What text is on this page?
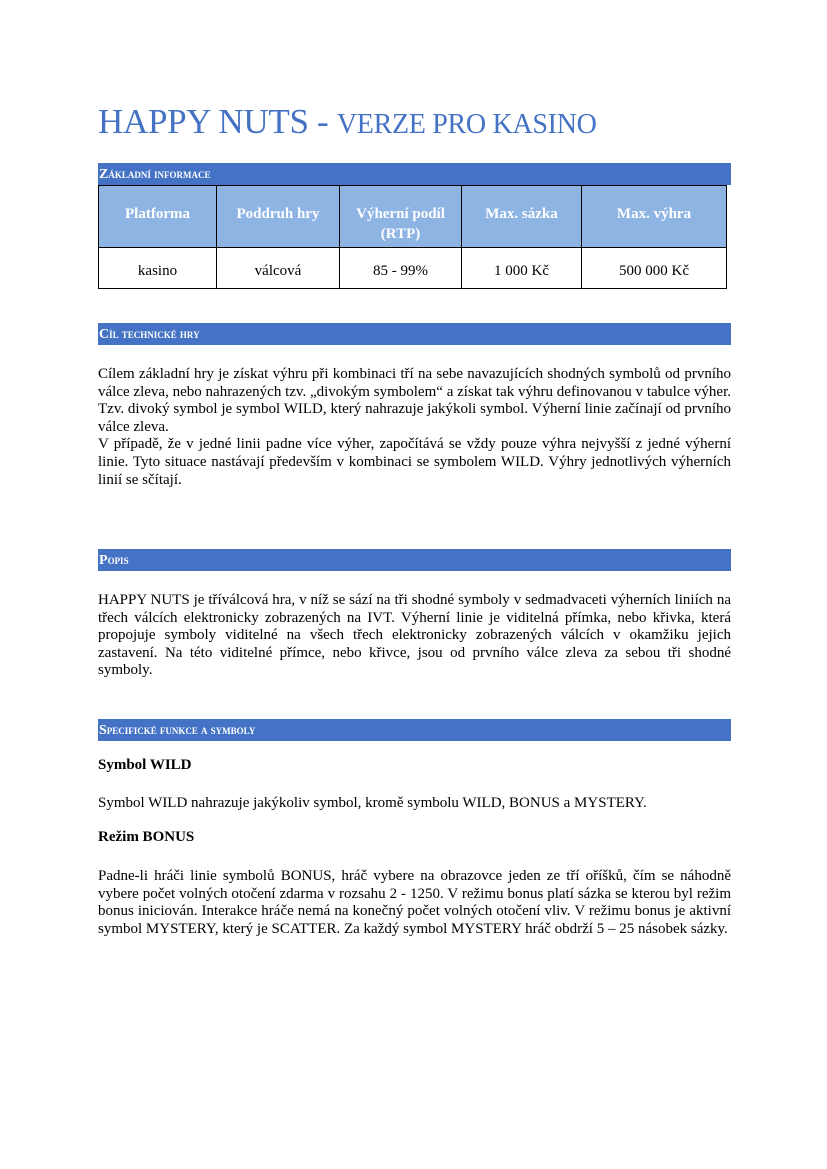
HAPPY NUTS - VERZE PRO KASINO
Základní informace
Platforma	Poddruh hry	Výherní podíl (RTP)	Max. sázka	Max. výhra
kasino	válcová	85 - 99%	1 000 Kč	500 000 Kč
Cíl technické hry
Cílem základní hry je získat výhru při kombinaci tří na sebe navazujících shodných symbolů od prvního válce zleva, nebo nahrazených tzv. „divokým symbolem“ a získat tak výhru definovanou v tabulce výher. Tzv. divoký symbol je symbol WILD, který nahrazuje jakýkoli symbol. Výherní linie začínají od prvního válce zleva.
V případě, že v jedné linii padne více výher, započítává se vždy pouze výhra nejvyšší z jedné výherní linie. Tyto situace nastávají především v kombinaci se symbolem WILD. Výhry jednotlivých výherních linií se sčítají.
Popis
HAPPY NUTS je tříválcová hra, v níž se sází na tři shodné symboly v sedmadvaceti výherních liniích na třech válcích elektronicky zobrazených na IVT. Výherní linie je viditelná přímka, nebo křivka, která propojuje symboly viditelné na všech třech elektronicky zobrazených válcích v okamžiku jejich zastavení. Na této viditelné přímce, nebo křivce, jsou od prvního válce zleva za sebou tři shodné symboly.
Specifické funkce a symboly
Symbol WILD
Symbol WILD nahrazuje jakýkoliv symbol, kromě symbolu WILD, BONUS a MYSTERY.
Režim BONUS
Padne-li hráči linie symbolů BONUS, hráč vybere na obrazovce jeden ze tří oříšků, čím se náhodně vybere počet volných otočení zdarma v rozsahu 2 - 1250. V režimu bonus platí sázka se kterou byl režim bonus iniciován. Interakce hráče nemá na konečný počet volných otočení vliv. V režimu bonus je aktivní symbol MYSTERY, který je SCATTER. Za každý symbol MYSTERY hráč obdrží 5 – 25 násobek sázky.
